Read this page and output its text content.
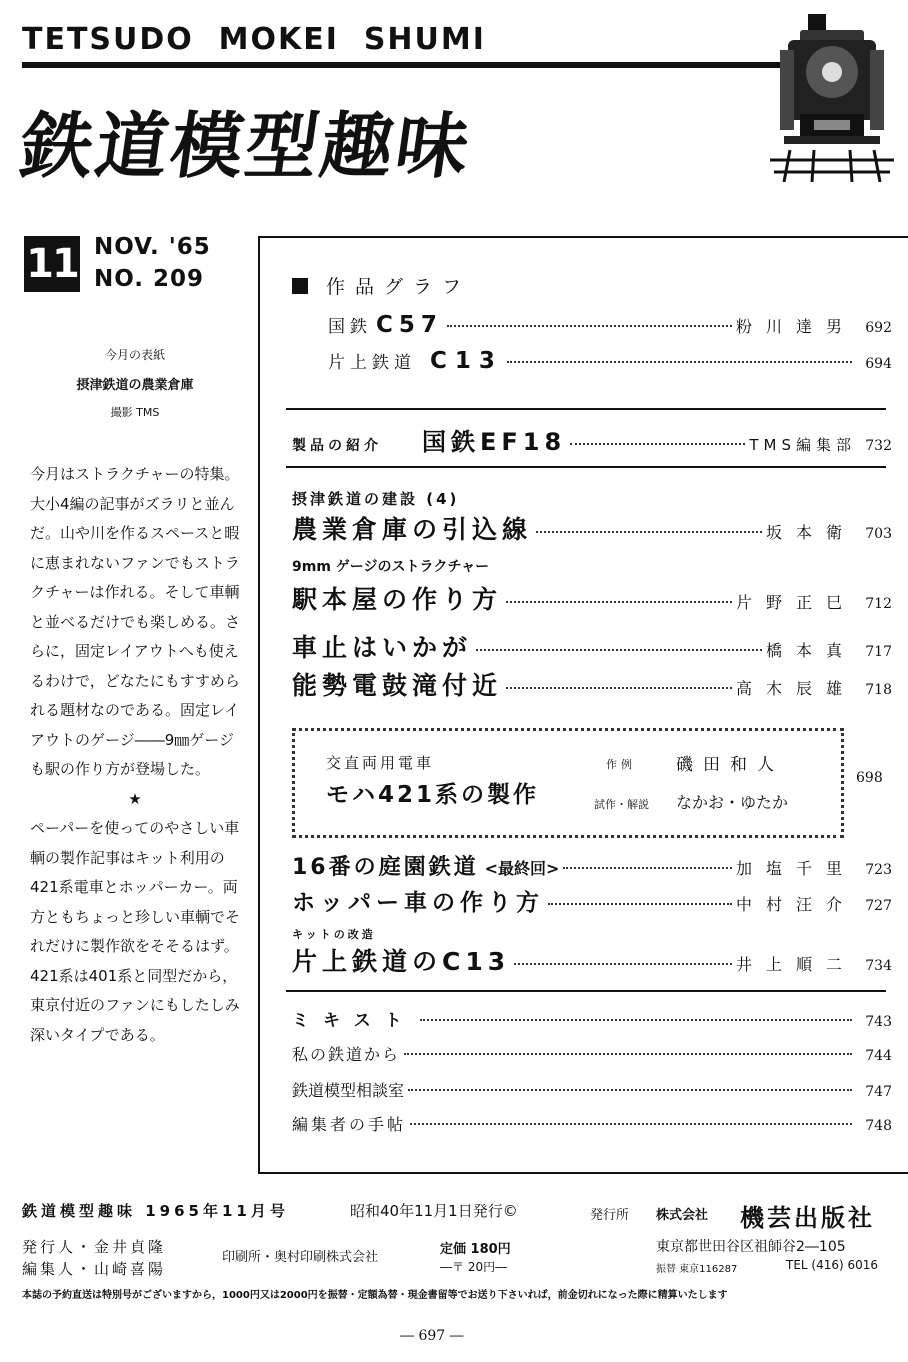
TETSUDO  MOKEI  SHUMI
鉄道模型趣味
11 NOV. '65
NO. 209
今月の表紙
摂津鉄道の農業倉庫
撮影 TMS

今月はストラクチャーの特集。大小4編の記事がズラリと並んだ。山や川を作るスペースと暇に恵まれないファンでもストラクチャーは作れる。そして車輌と並べるだけでも楽しめる。さらに，固定レイアウトへも使えるわけで，どなたにもすすめられる題材なのである。固定レイアウトのゲージ――9㎜ゲージも駅の作り方が登場した。

★

ペーパーを使ってのやさしい車輌の製作記事はキット利用の421系電車とホッパーカー。両方ともちょっと珍しい車輌でそれだけに製作欲をそそるはず。421系は401系と同型だから，東京付近のファンにもしたしみ深いタイプである。

作品グラフ
国鉄 C57	粉川達男 692
片上鉄道 C13	694
製品の紹介 国鉄EF18	TMS編集部 732
摂津鉄道の建設 (4)
農業倉庫の引込線	坂本衛 703
9mm ゲージのストラクチャー
駅本屋の作り方	片野正巳 712
車止はいかが	橋本真 717
能勢電鼓滝付近	高木辰雄 718
交直両用電車
モハ421系の製作
作例 磯田和人
試作・解説 なかお・ゆたか
698
16番の庭園鉄道 <最終回>	加塩千里 723
ホッパー車の作り方	中村汪介 727
キットの改造
片上鉄道のC13	井上順二 734
ミキスト	743
私の鉄道から	744
鉄道模型相談室	747
編集者の手帖	748
鉄道模型趣味 1965年11月号	昭和40年11月1日発行©	発行所 株式会社 機芸出版社
発行人・金井貞隆
編集人・山崎喜陽
印刷所・奥村印刷株式会社
定価 180円
―〒 20円―
東京都世田谷区祖師谷2―105
振替 東京116287	TEL (416) 6016
本誌の予約直送は特別号がございますから，1000円又は2000円を振替・定額為替・現金書留等でお送り下さいれば，前金切れになった際に精算いたします
― 697 ―
